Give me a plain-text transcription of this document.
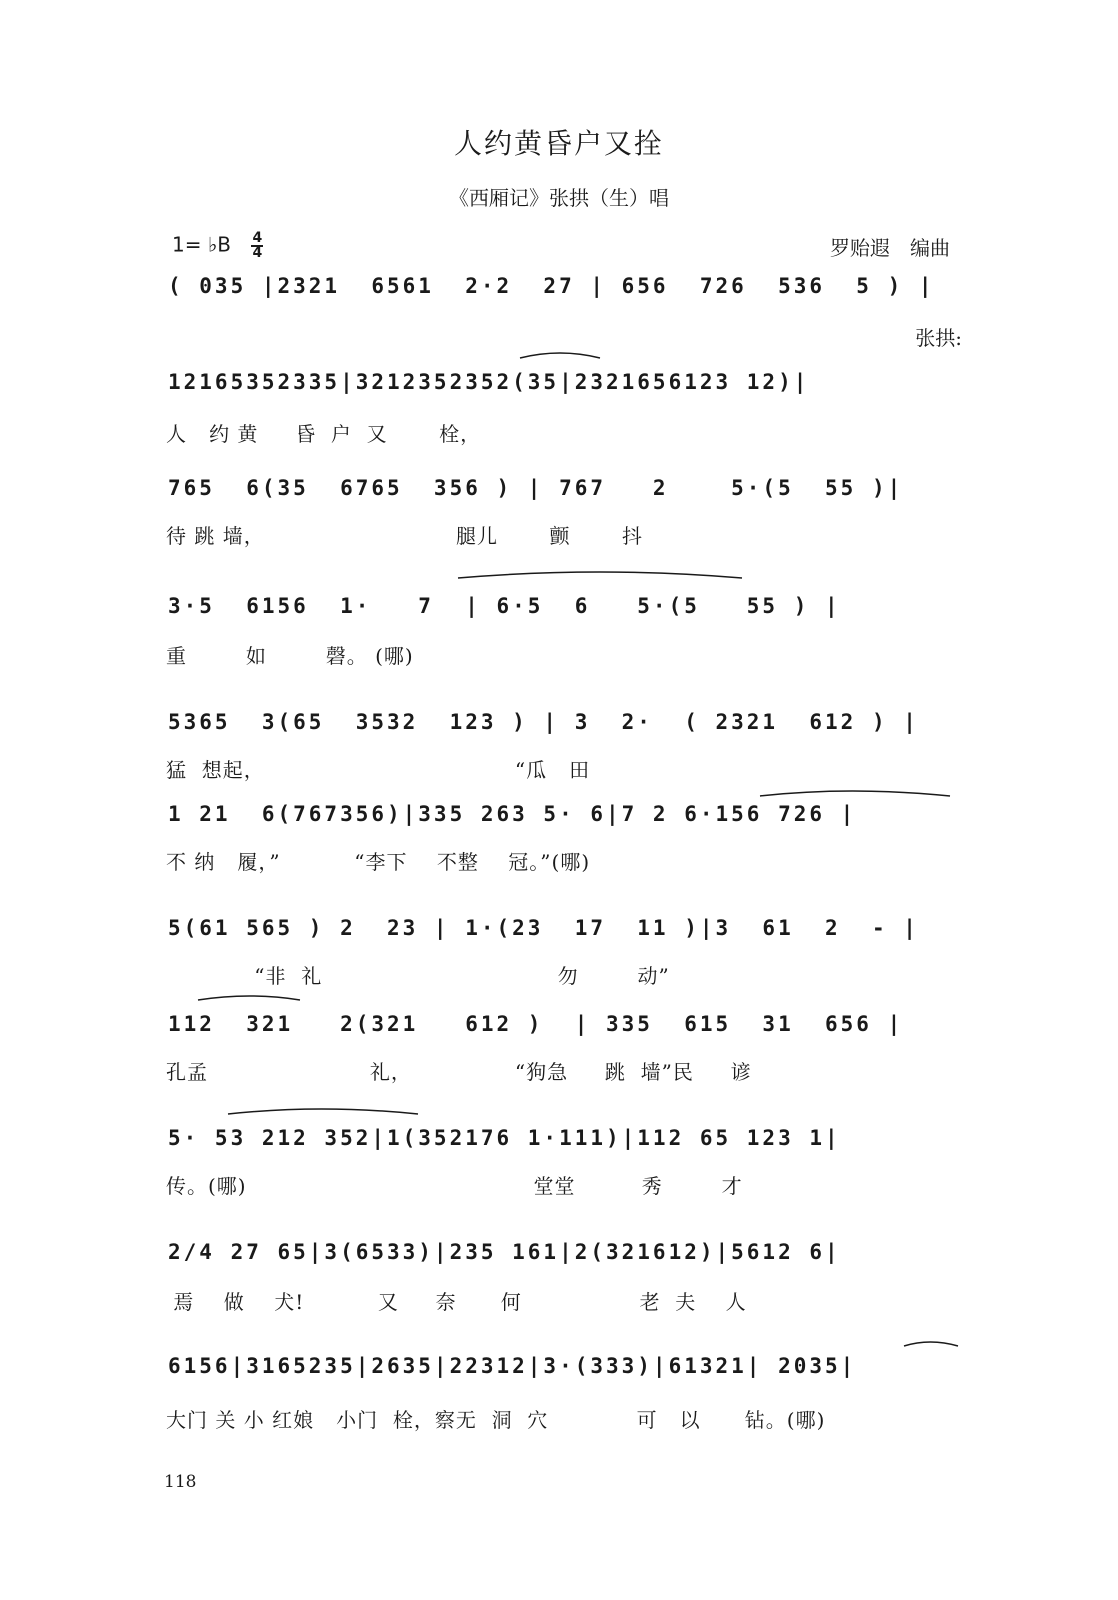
人约黄昏户又拴
《西厢记》张拱（生）唱
1= ♭B $\frac{4}{4}$	罗贻遐　编曲
张拱:
( 035 |2321  6561  2·2  27 | 656  726  536  5 ) |
12165352335|3212352352(35|2321656123 12)|
人   约 黄     昏  户  又       栓，
765  6(35  6765  356 ) | 767   2    5·(5  55 )|
待 跳 墙，                          腿儿       颤       抖
3·5  6156  1·   7  | 6·5  6   5·(5   55 ) |
重        如        磬。 (哪)
5365  3(65  3532  123 ) | 3  2·  ( 2321  612 ) |
猛  想起，                                  “瓜   田
1 21  6(767356)|335 263 5· 6|7 2 6·156 726 |
不 纳   履，”          “李下    不整    冠。”(哪)
5(61 565 ) 2  23 | 1·(23  17  11 )|3  61  2  - |
“非  礼                                勿        动”
112  321   2(321   612 )  | 335  615  31  656 |
孔孟                      礼，              “狗急     跳  墙”民     谚
5· 53 212 352|1(352176 1·111)|112 65 123 1|
传。(哪)                                       堂堂         秀        才
2/4 27 65|3(6533)|235 161|2(321612)|5612 6|
焉    做    犬!          又     奈      何                老  夫    人
6156|3165235|2635|22312|3·(333)|61321| 2035|
大门 关 小 红娘   小门  栓，察无  洞  穴            可   以      钻。(哪)
118
